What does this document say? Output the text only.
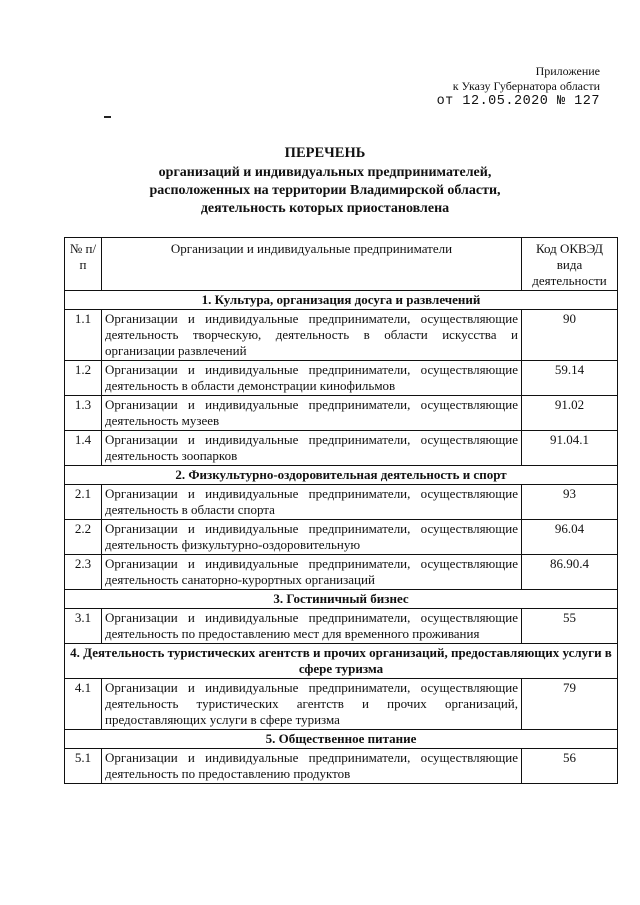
Приложение
к Указу Губернатора области
от 12.05.2020 № 127
ПЕРЕЧЕНЬ
организаций и индивидуальных предпринимателей,
расположенных на территории Владимирской области,
деятельность которых приостановлена
№ п/п	Организации и индивидуальные предприниматели	Код ОКВЭД вида деятельности
1. Культура, организация досуга и развлечений		
1.1	Организации и индивидуальные предприниматели, осуществляющие деятельность творческую, деятельность в области искусства и организации развлечений	90
1.2	Организации и индивидуальные предприниматели, осуществляющие деятельность в области демонстрации кинофильмов	59.14
1.3	Организации и индивидуальные предприниматели, осуществляющие деятельность музеев	91.02
1.4	Организации и индивидуальные предприниматели, осуществляющие деятельность зоопарков	91.04.1
2. Физкультурно-оздоровительная деятельность и спорт		
2.1	Организации и индивидуальные предприниматели, осуществляющие деятельность в области спорта	93
2.2	Организации и индивидуальные предприниматели, осуществляющие деятельность физкультурно-оздоровительную	96.04
2.3	Организации и индивидуальные предприниматели, осуществляющие деятельность санаторно-курортных организаций	86.90.4
3. Гостиничный бизнес		
3.1	Организации и индивидуальные предприниматели, осуществляющие деятельность по предоставлению мест для временного проживания	55
4. Деятельность туристических агентств и прочих организаций, предоставляющих услуги в сфере туризма		
4.1	Организации и индивидуальные предприниматели, осуществляющие деятельность туристических агентств и прочих организаций, предоставляющих услуги в сфере туризма	79
5. Общественное питание		
5.1	Организации и индивидуальные предприниматели, осуществляющие деятельность по предоставлению продуктов	56
